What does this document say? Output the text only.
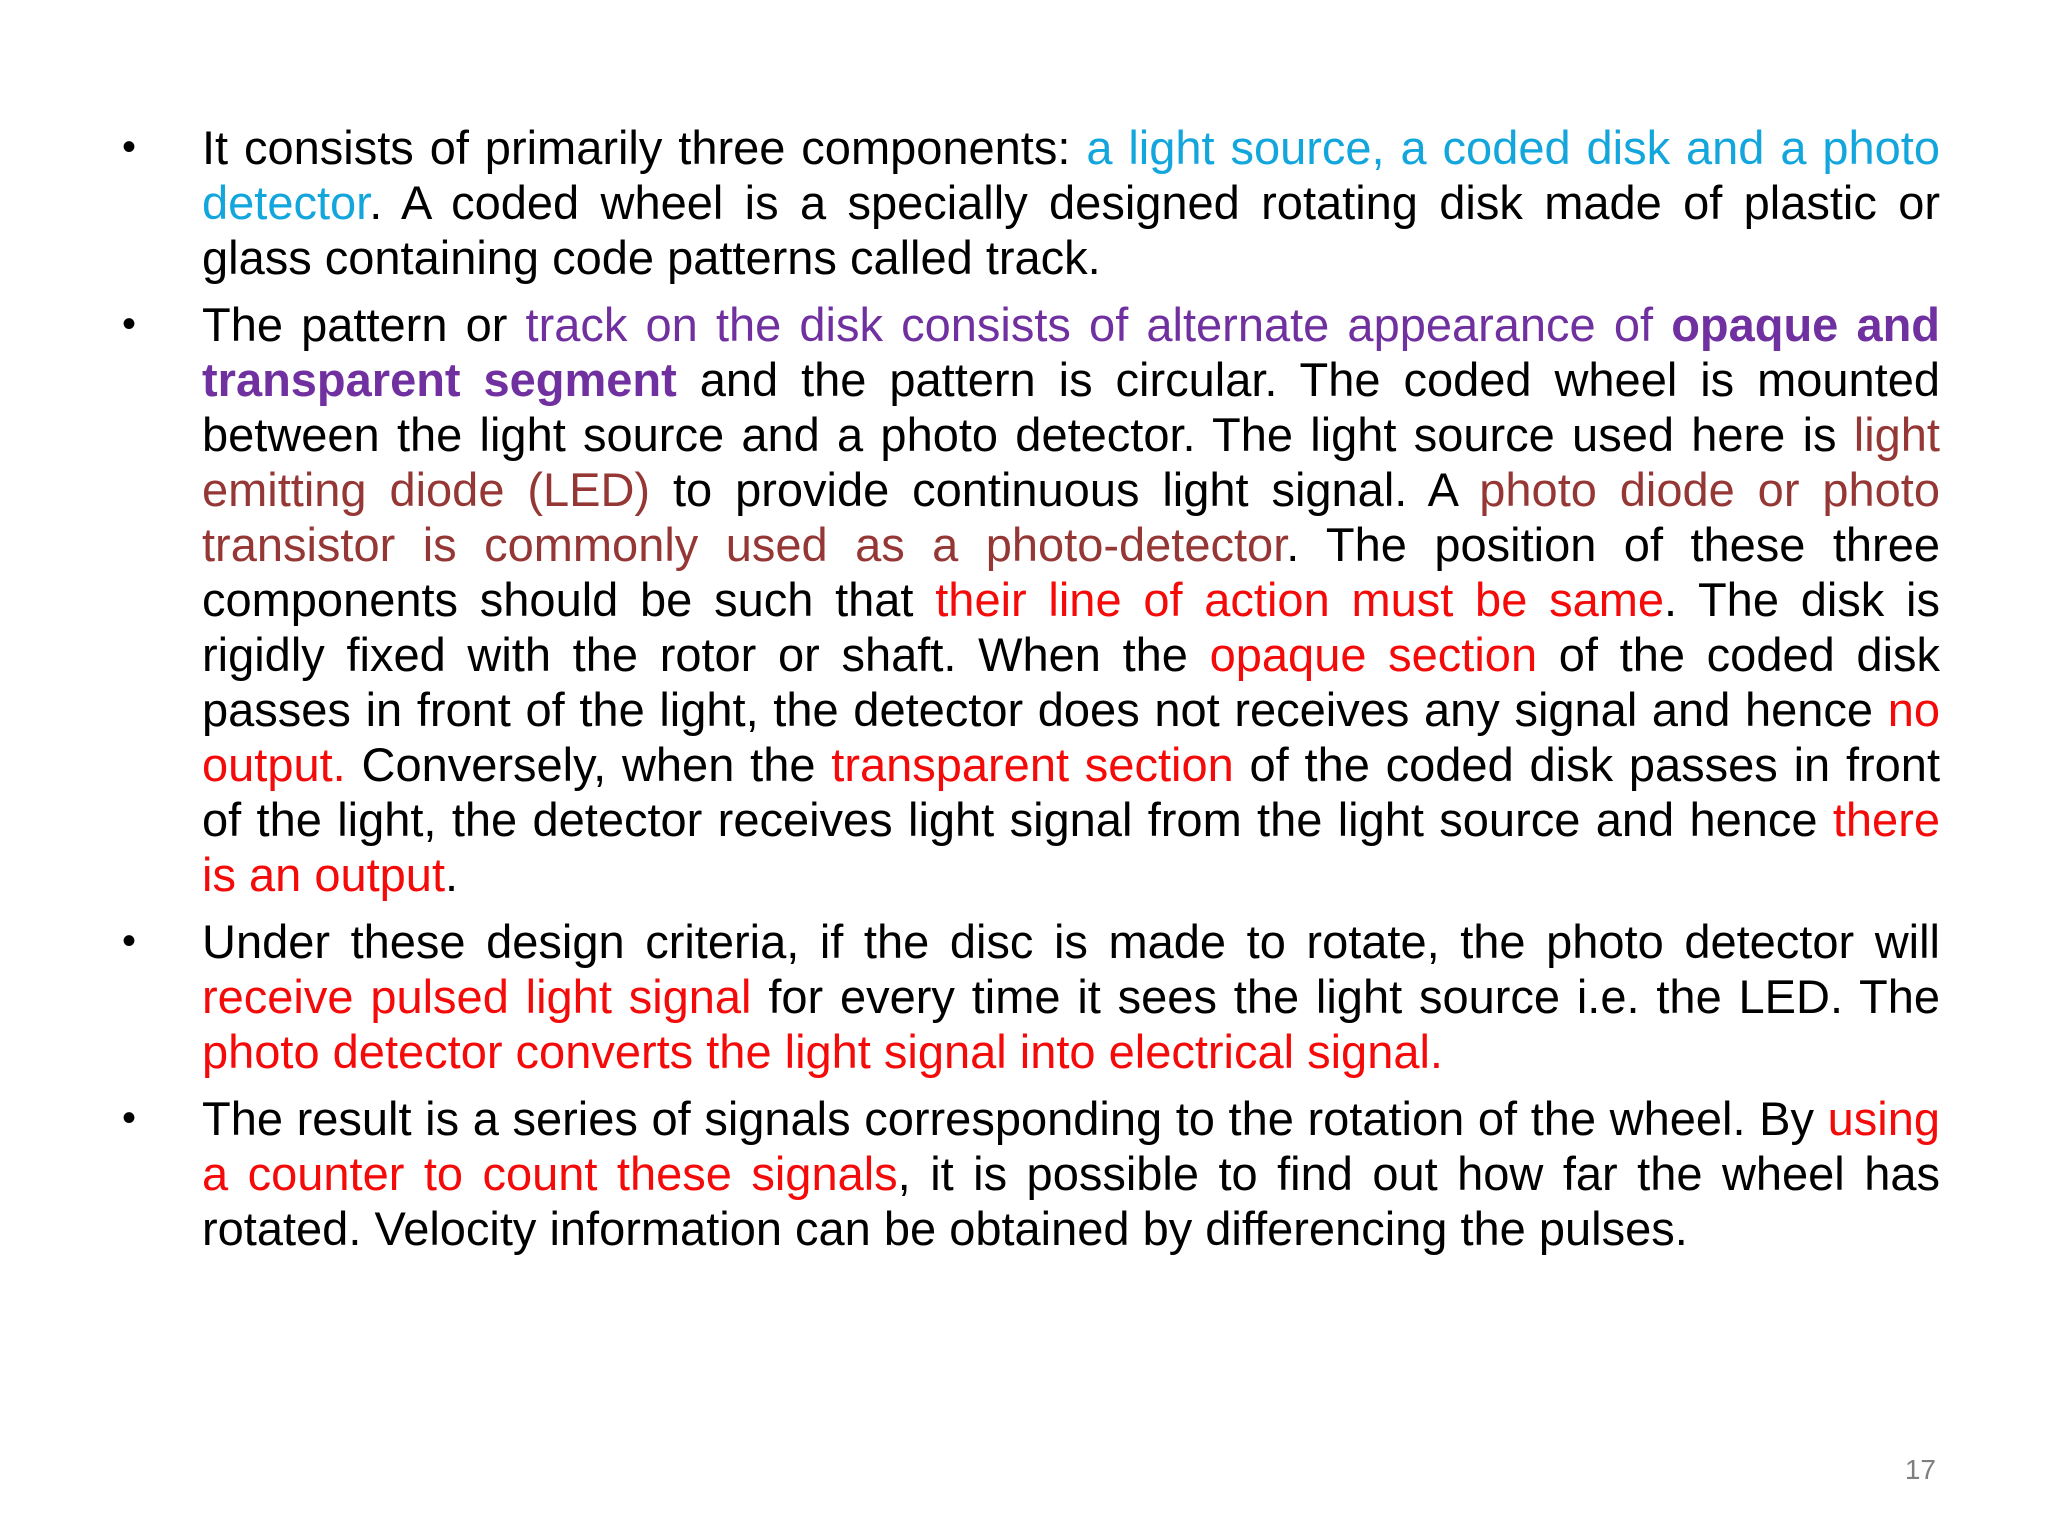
• It consists of primarily three components: a light source, a coded disk and a photo detector. A coded wheel is a specially designed rotating disk made of plastic or glass containing code patterns called track.
• The pattern or track on the disk consists of alternate appearance of opaque and transparent segment and the pattern is circular. The coded wheel is mounted between the light source and a photo detector. The light source used here is light emitting diode (LED) to provide continuous light signal. A photo diode or photo transistor is commonly used as a photo-detector. The position of these three components should be such that their line of action must be same. The disk is rigidly fixed with the rotor or shaft. When the opaque section of the coded disk passes in front of the light, the detector does not receives any signal and hence no output. Conversely, when the transparent section of the coded disk passes in front of the light, the detector receives light signal from the light source and hence there is an output.
• Under these design criteria, if the disc is made to rotate, the photo detector will receive pulsed light signal for every time it sees the light source i.e. the LED. The photo detector converts the light signal into electrical signal.
• The result is a series of signals corresponding to the rotation of the wheel. By using a counter to count these signals, it is possible to find out how far the wheel has rotated. Velocity information can be obtained by differencing the pulses.
17
